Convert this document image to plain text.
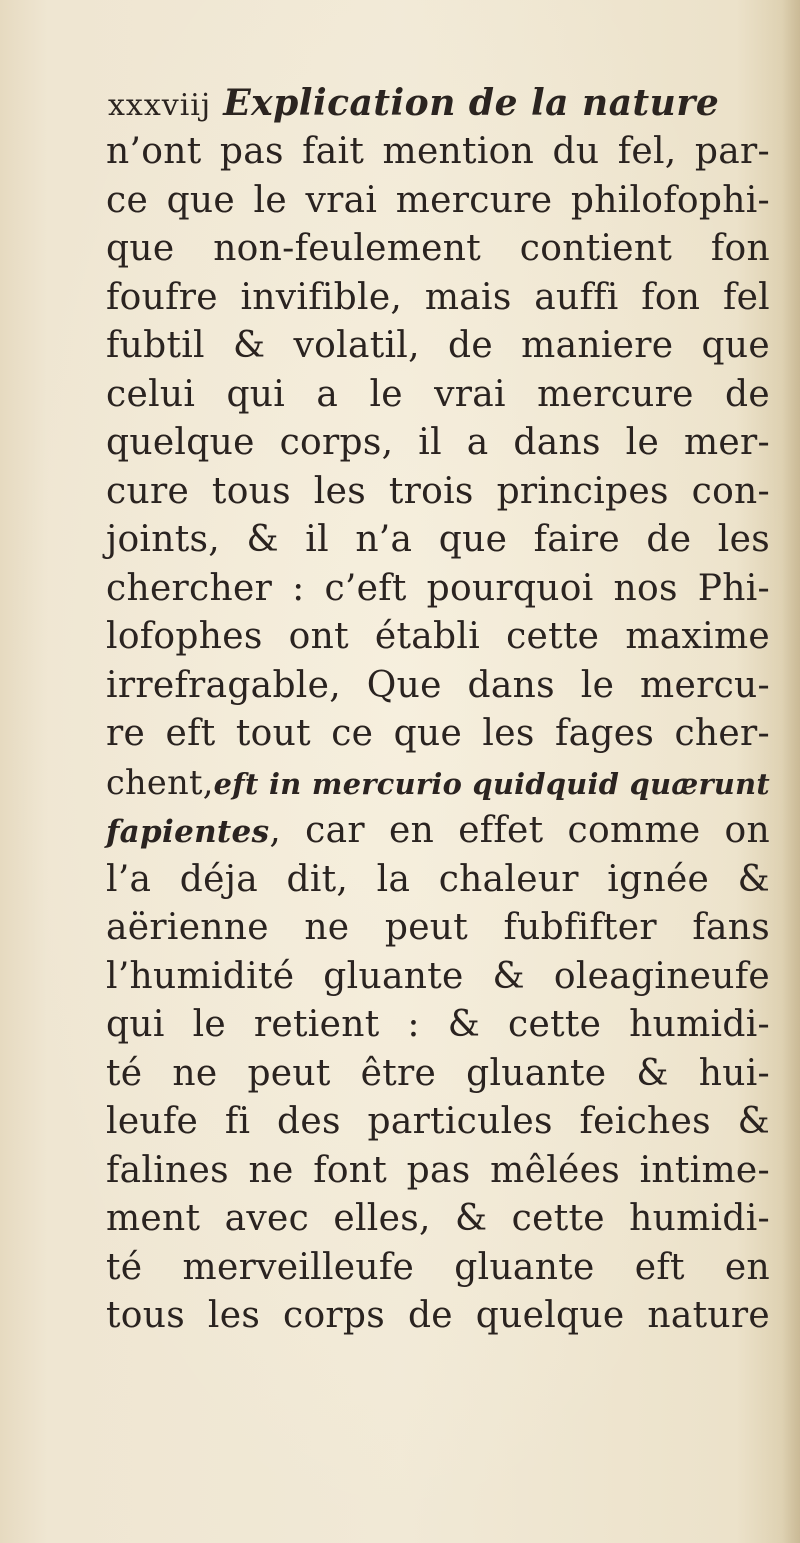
xxxviij Explication de la nature
n’ont pas fait mention du fel, par-
ce que le vrai mercure philofophi-
que non-feulement contient fon
foufre invifible, mais auffi fon fel
fubtil & volatil, de maniere que
celui qui a le vrai mercure de
quelque corps, il a dans le mer-
cure tous les trois principes con-
joints, & il n’a que faire de les
chercher : c’eft pourquoi nos Phi-
lofophes ont établi cette maxime
irrefragable, Que dans le mercu-
re eft tout ce que les fages cher-
chent,eft in mercurio quidquid quærunt
fapientes, car en effet comme on
l’a déja dit, la chaleur ignée &
aërienne ne peut fubfifter fans
l’humidité gluante & oleagineufe
qui le retient : & cette humidi-
té ne peut être gluante & hui-
leufe fi des particules feiches &
falines ne font pas mêlées intime-
ment avec elles, & cette humidi-
té merveilleufe gluante eft en
tous les corps de quelque nature
